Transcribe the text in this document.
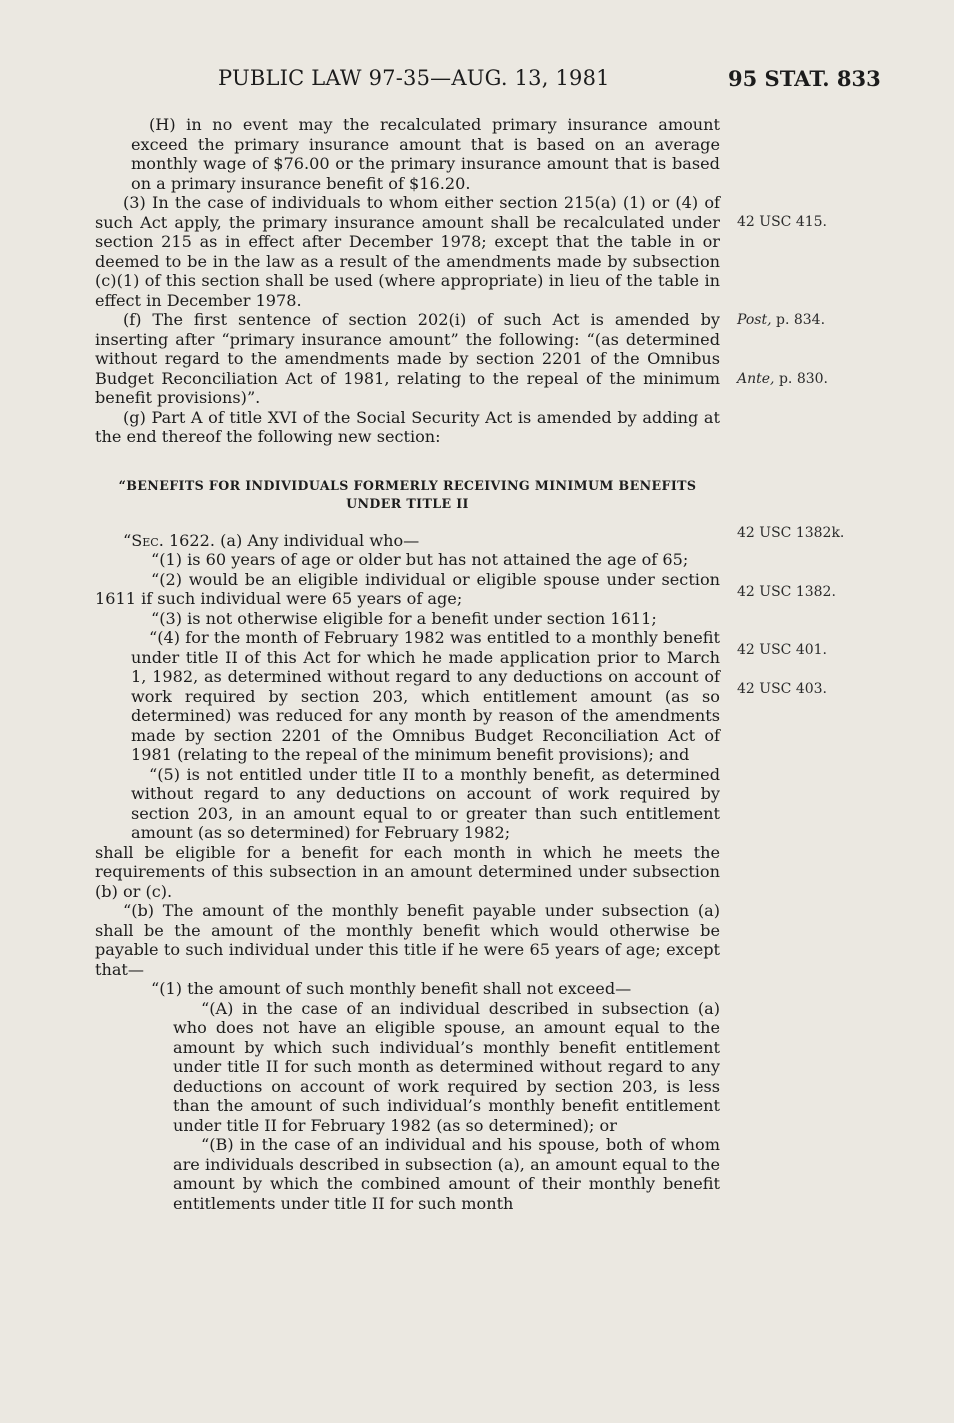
PUBLIC LAW 97-35—AUG. 13, 1981	95 STAT. 833

(H) in no event may the recalculated primary insurance amount exceed the primary insurance amount that is based on an average monthly wage of $76.00 or the primary insurance amount that is based on a primary insurance benefit of $16.20.

(3) In the case of individuals to whom either section 215(a) (1) or (4) of such Act apply, the primary insurance amount shall be recalculated under section 215 as in effect after December 1978; except that the table in or deemed to be in the law as a result of the amendments made by subsection (c)(1) of this section shall be used (where appropriate) in lieu of the table in effect in December 1978.

(f) The first sentence of section 202(i) of such Act is amended by inserting after “primary insurance amount” the following: “(as determined without regard to the amendments made by section 2201 of the Omnibus Budget Reconciliation Act of 1981, relating to the repeal of the minimum benefit provisions)”.

(g) Part A of title XVI of the Social Security Act is amended by adding at the end thereof the following new section:

“BENEFITS FOR INDIVIDUALS FORMERLY RECEIVING MINIMUM BENEFITS UNDER TITLE II

“Sec. 1622. (a) Any individual who—

“(1) is 60 years of age or older but has not attained the age of 65;

“(2) would be an eligible individual or eligible spouse under section 1611 if such individual were 65 years of age;

“(3) is not otherwise eligible for a benefit under section 1611;

“(4) for the month of February 1982 was entitled to a monthly benefit under title II of this Act for which he made application prior to March 1, 1982, as determined without regard to any deductions on account of work required by section 203, which entitlement amount (as so determined) was reduced for any month by reason of the amendments made by section 2201 of the Omnibus Budget Reconciliation Act of 1981 (relating to the repeal of the minimum benefit provisions); and

“(5) is not entitled under title II to a monthly benefit, as determined without regard to any deductions on account of work required by section 203, in an amount equal to or greater than such entitlement amount (as so determined) for February 1982;

shall be eligible for a benefit for each month in which he meets the requirements of this subsection in an amount determined under subsection (b) or (c).

“(b) The amount of the monthly benefit payable under subsection (a) shall be the amount of the monthly benefit which would otherwise be payable to such individual under this title if he were 65 years of age; except that—

“(1) the amount of such monthly benefit shall not exceed—

“(A) in the case of an individual described in subsection (a) who does not have an eligible spouse, an amount equal to the amount by which such individual’s monthly benefit entitlement under title II for such month as determined without regard to any deductions on account of work required by section 203, is less than the amount of such individual’s monthly benefit entitlement under title II for February 1982 (as so determined); or

“(B) in the case of an individual and his spouse, both of whom are individuals described in subsection (a), an amount equal to the amount by which the combined amount of their monthly benefit entitlements under title II for such month

42 USC 415.
Post, p. 834.
Ante, p. 830.
42 USC 1382k.
42 USC 1382.
42 USC 401.
42 USC 403.
